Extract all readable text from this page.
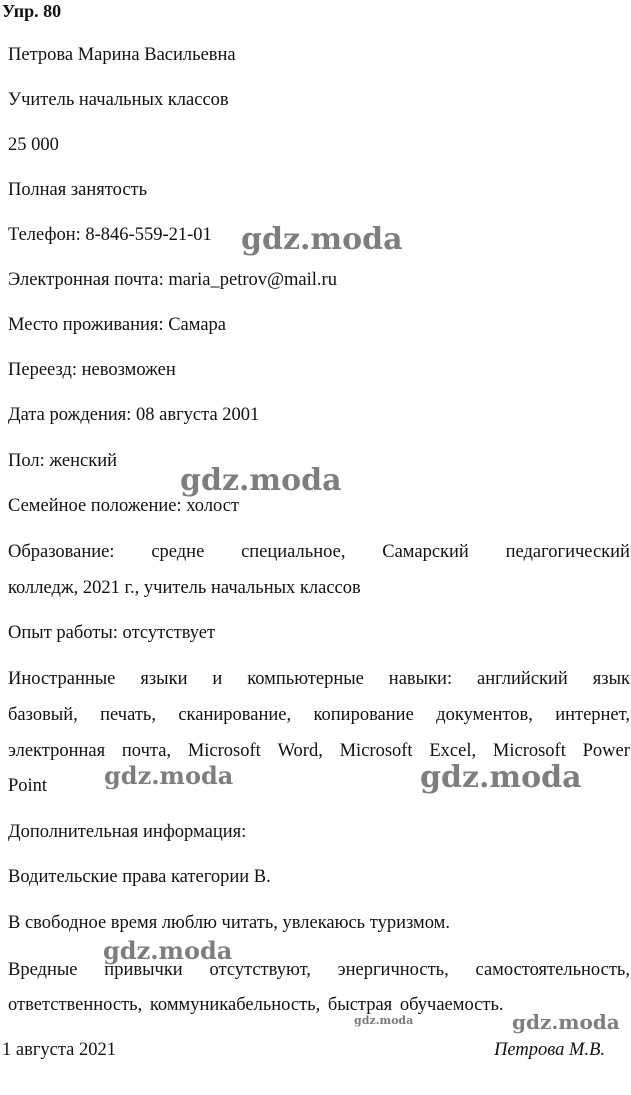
Упр. 80

Петрова Марина Васильевна

Учитель начальных классов

25 000

Полная занятость

Телефон: 8-846-559-21-01

Электронная почта: maria_petrov@mail.ru

Место проживания: Самара

Переезд: невозможен

Дата рождения: 08 августа 2001

Пол: женский

Семейное положение: холост

Образование: средне специальное, Самарский педагогический

колледж, 2021 г., учитель начальных классов

Опыт работы: отсутствует

Иностранные языки и компьютерные навыки: английский язык
базовый, печать, сканирование, копирование документов, интернет,
электронная почта, Microsoft Word, Microsoft Excel, Microsoft Power

Point

Дополнительная информация:

Водительские права категории В.

В свободное время люблю читать, увлекаюсь туризмом.

Вредные привычки отсутствуют, энергичность, самостоятельность,

ответственность, коммуникабельность, быстрая обучаемость.

1 августа 2021	Петрова М.В.

gdz.moda
gdz.moda
gdz.moda	gdz.moda
gdz.moda
gdz.moda	gdz.moda
